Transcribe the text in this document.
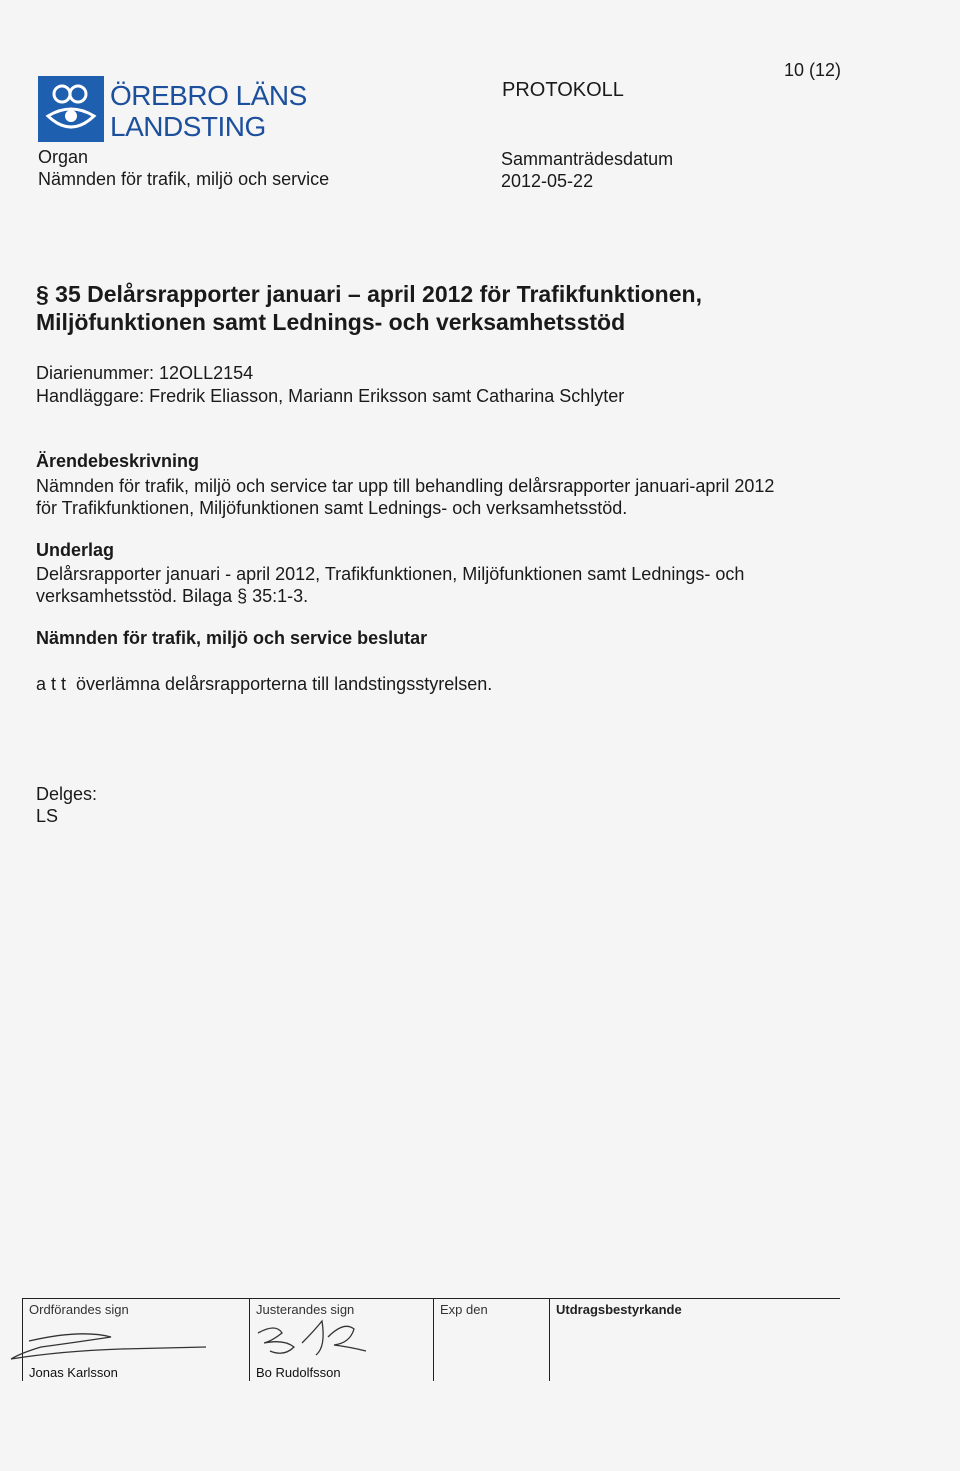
ÖREBRO LÄNS
LANDSTING
10 (12)
PROTOKOLL
Organ
Nämnden för trafik, miljö och service
Sammanträdesdatum
2012-05-22
§ 35 Delårsrapporter januari – april 2012 för Trafikfunktionen,
Miljöfunktionen samt Lednings- och verksamhetsstöd
Diarienummer: 12OLL2154
Handläggare: Fredrik Eliasson, Mariann Eriksson samt Catharina Schlyter
Ärendebeskrivning
Nämnden för trafik, miljö och service tar upp till behandling delårsrapporter januari-april 2012
för Trafikfunktionen, Miljöfunktionen samt Lednings- och verksamhetsstöd.
Underlag
Delårsrapporter januari - april 2012, Trafikfunktionen, Miljöfunktionen samt Lednings- och
verksamhetsstöd. Bilaga § 35:1-3.
Nämnden för trafik, miljö och service beslutar
a t t  överlämna delårsrapporterna till landstingsstyrelsen.
Delges:
LS
Ordförandes sign
Jonas Karlsson
Justerandes sign
Bo Rudolfsson
Exp den	Utdragsbestyrkande
